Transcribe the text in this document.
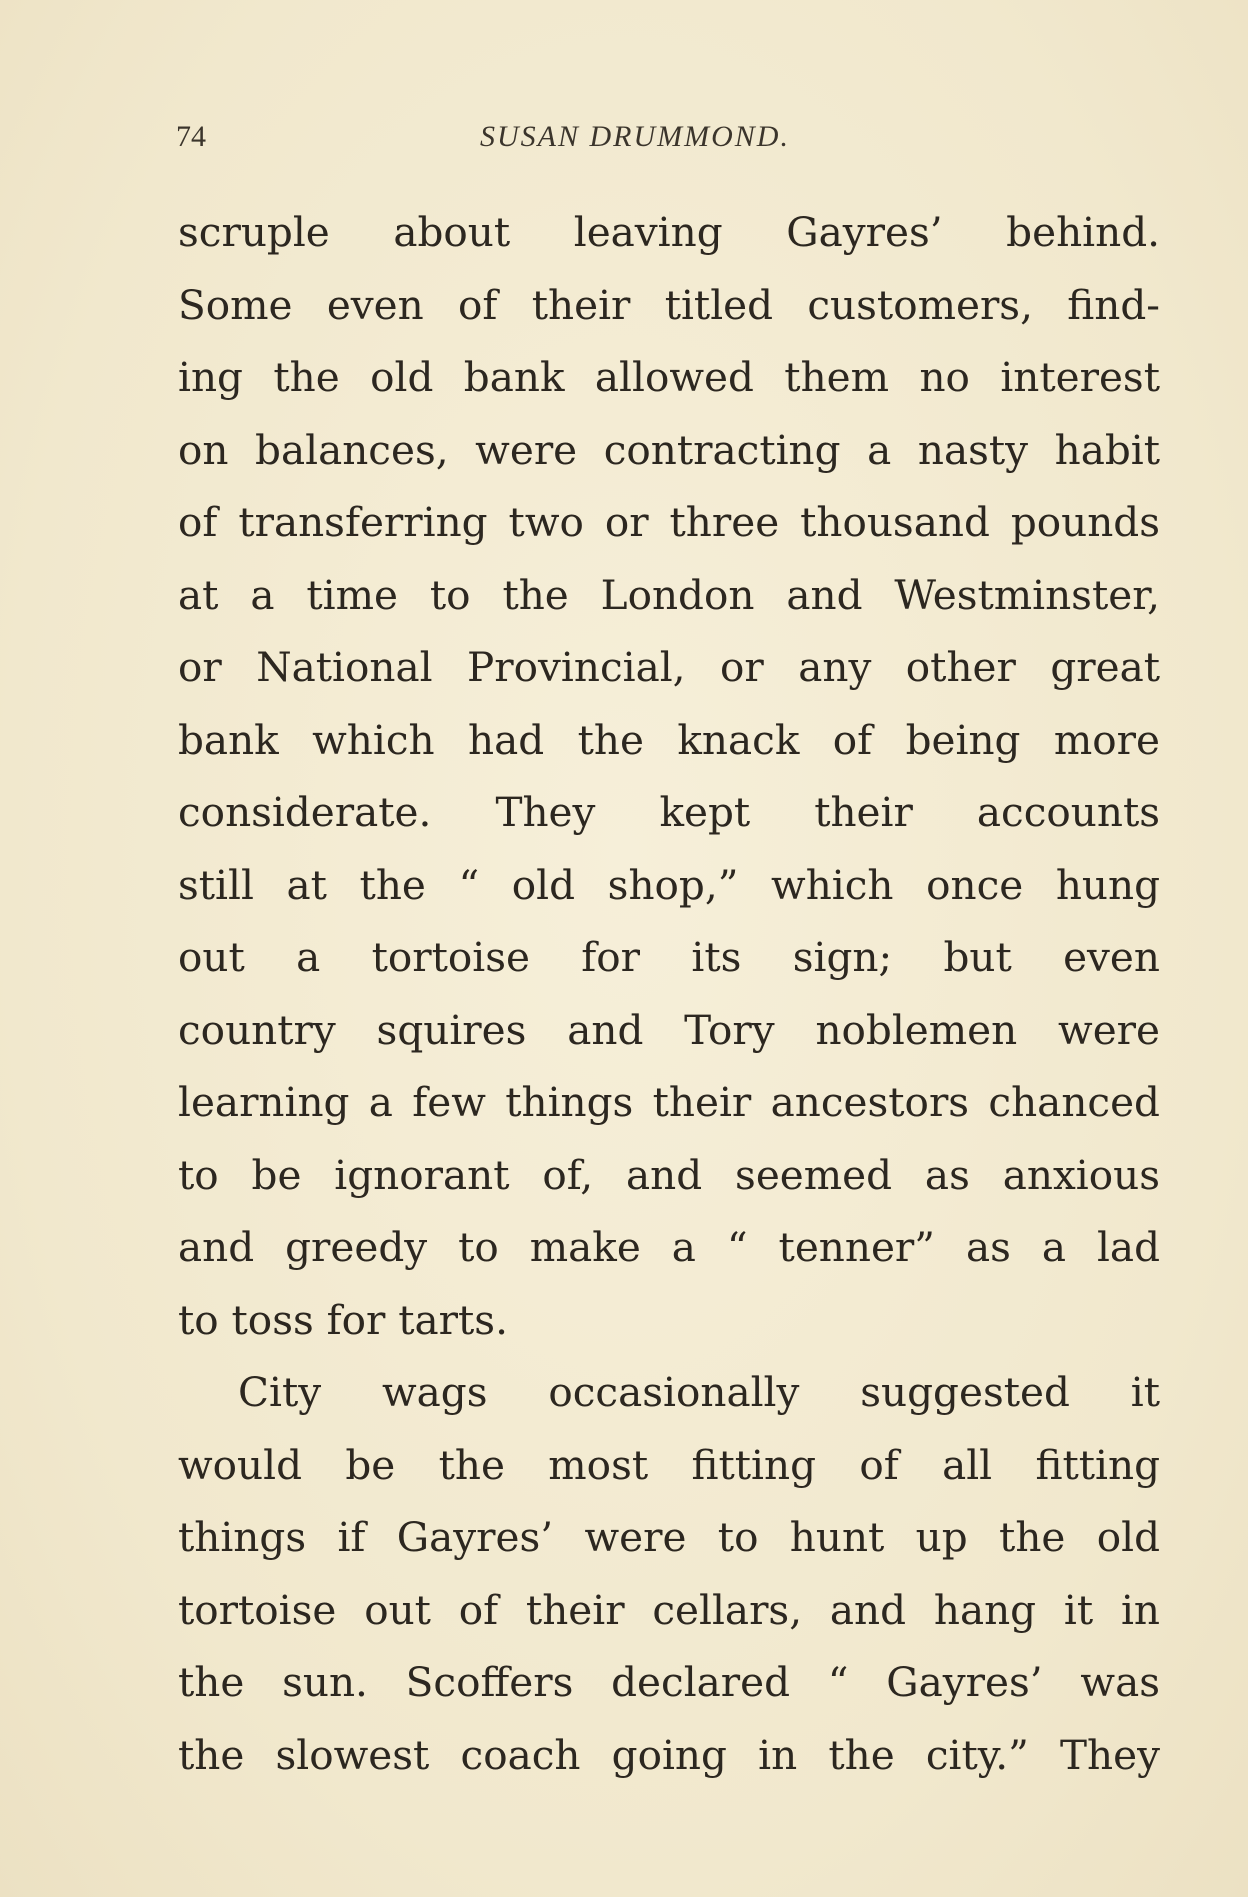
74	SUSAN DRUMMOND.
scruple about leaving Gayres’ behind.
Some even of their titled customers, find-
ing the old bank allowed them no interest
on balances, were contracting a nasty habit
of transferring two or three thousand pounds
at a time to the London and Westminster,
or National Provincial, or any other great
bank which had the knack of being more
considerate. They kept their accounts
still at the “ old shop,” which once hung
out a tortoise for its sign; but even
country squires and Tory noblemen were
learning a few things their ancestors chanced
to be ignorant of, and seemed as anxious
and greedy to make a “ tenner” as a lad
to toss for tarts.
City wags occasionally suggested it
would be the most fitting of all fitting
things if Gayres’ were to hunt up the old
tortoise out of their cellars, and hang it in
the sun. Scoffers declared “ Gayres’ was
the slowest coach going in the city.” They
